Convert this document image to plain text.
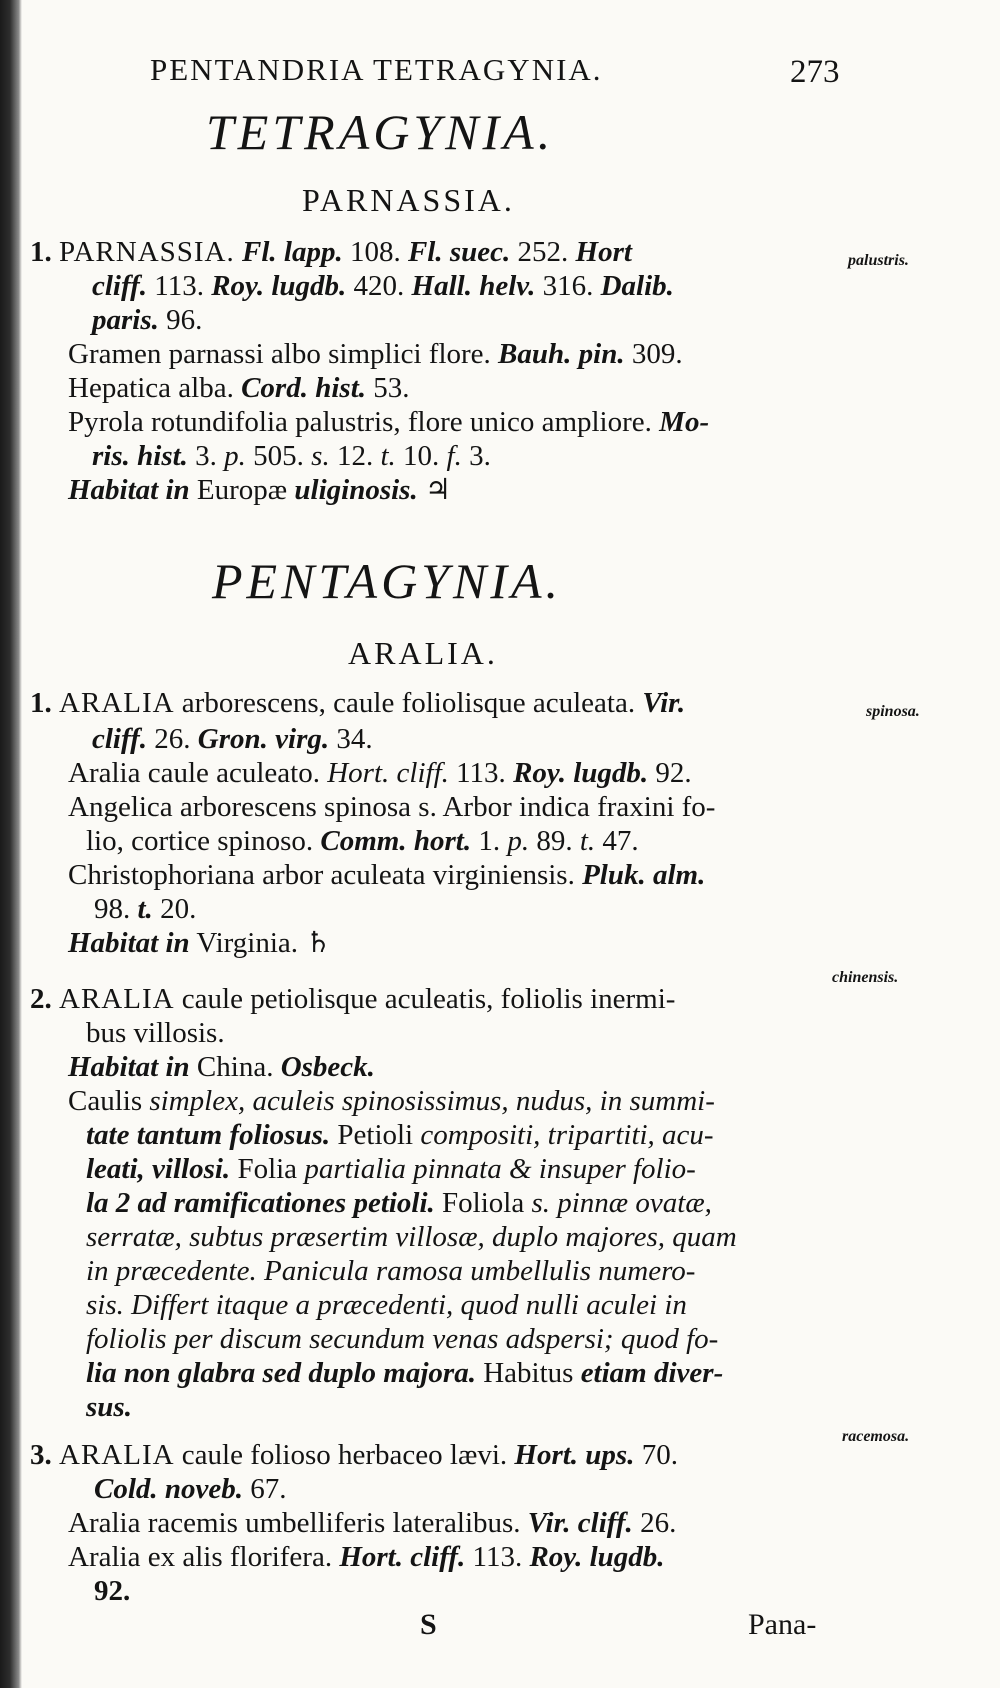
PENTANDRIA TETRAGYNIA.	273
TETRAGYNIA.
PARNASSIA.
1. PARNASSIA. Fl. lapp. 108. Fl. suec. 252. Hort	palustris.
cliff. 113. Roy. lugdb. 420. Hall. helv. 316. Dalib.
paris. 96.
Gramen parnassi albo simplici flore. Bauh. pin. 309.
Hepatica alba. Cord. hist. 53.
Pyrola rotundifolia palustris, flore unico ampliore. Mo-
ris. hist. 3. p. 505. s. 12. t. 10. f. 3.
Habitat in Europæ uliginosis. ♃
PENTAGYNIA.
ARALIA.
1. ARALIA arborescens, caule foliolisque aculeata. Vir.	spinosa.
cliff. 26. Gron. virg. 34.
Aralia caule aculeato. Hort. cliff. 113. Roy. lugdb. 92.
Angelica arborescens spinosa s. Arbor indica fraxini fo-
lio, cortice spinoso. Comm. hort. 1. p. 89. t. 47.
Christophoriana arbor aculeata virginiensis. Pluk. alm.
98. t. 20.
Habitat in Virginia. ♄
2. ARALIA caule petiolisque aculeatis, foliolis inermi-
chinensis.
bus villosis.
Habitat in China. Osbeck.
Caulis simplex, aculeis spinosissimus, nudus, in summi-
tate tantum foliosus. Petioli compositi, tripartiti, acu-
leati, villosi. Folia partialia pinnata & insuper folio-
la 2 ad ramificationes petioli. Foliola s. pinnæ ovatæ,
serratæ, subtus præsertim villosæ, duplo majores, quam
in præcedente. Panicula ramosa umbellulis numero-
sis. Differt itaque a præcedenti, quod nulli aculei in
foliolis per discum secundum venas adspersi; quod fo-
lia non glabra sed duplo majora. Habitus etiam diver-
sus.
3. ARALIA caule folioso herbaceo lævi. Hort. ups. 70.
racemosa.
Cold. noveb. 67.
Aralia racemis umbelliferis lateralibus. Vir. cliff. 26.
Aralia ex alis florifera. Hort. cliff. 113. Roy. lugdb.
92.
S	Pana-
